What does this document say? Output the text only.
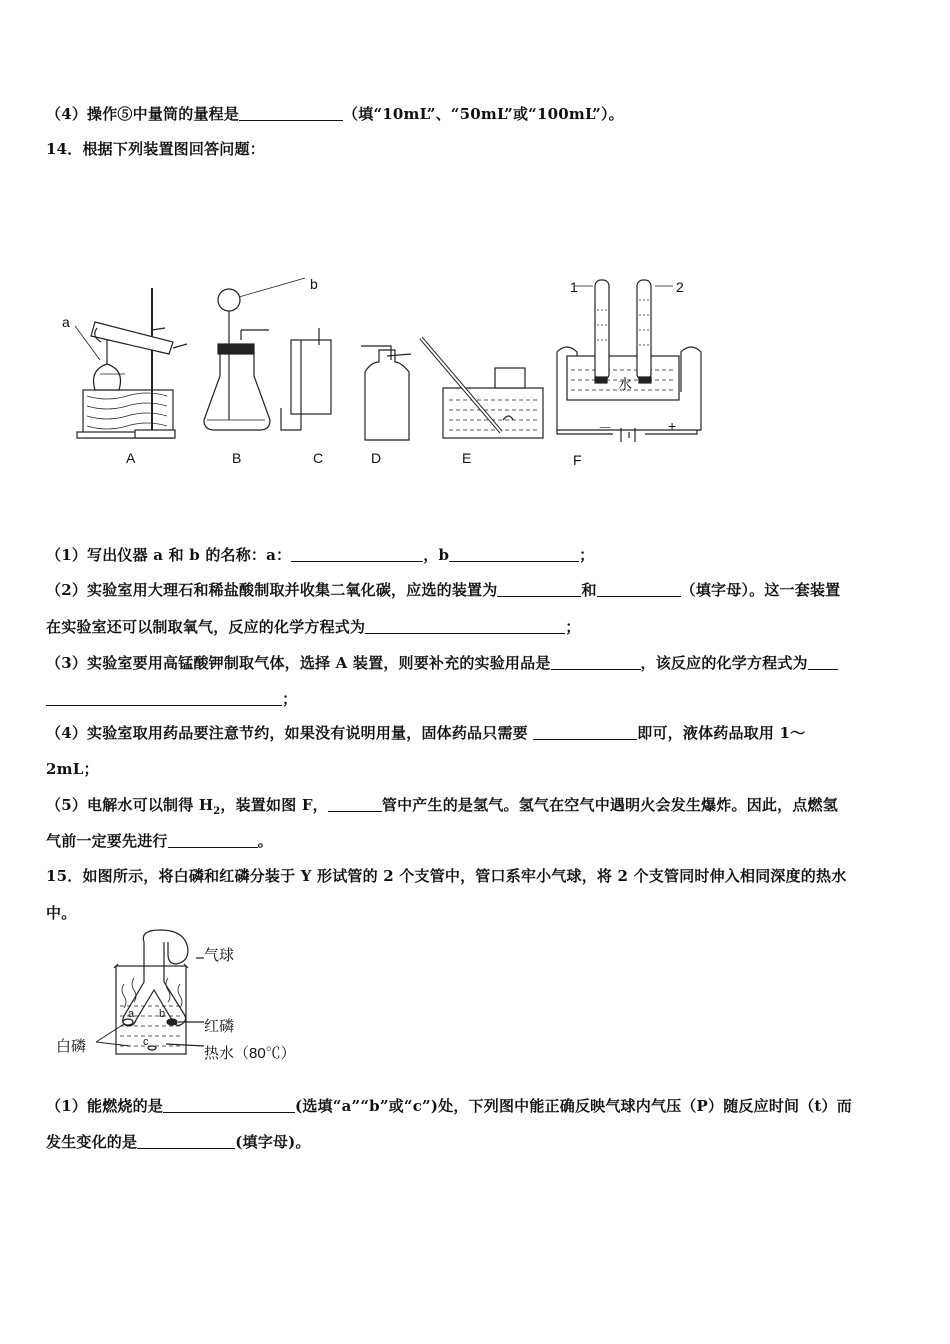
（4）操作⑤中量筒的量程是	（填“10mL”、“50mL”或“100mL”）。
14．根据下列装置图回答问题：
a
b	1	2
水
－	+
A	B	C	D	E	F
（1）写出仪器 a 和 b 的名称：a：	，b	；
（2）实验室用大理石和稀盐酸制取并收集二氧化碳，应选的装置为	和	（填字母）。这一套装置
在实验室还可以制取氧气，反应的化学方程式为	；
（3）实验室要用高锰酸钾制取气体，选择 A 装置，则要补充的实验用品是	，该反应的化学方程式为
；
（4）实验室取用药品要注意节约，如果没有说明用量，固体药品只需要	即可，液体药品取用 1～
2mL；
（5）电解水可以制得 $H_2$，装置如图 F，	管中产生的是氢气。氢气在空气中遇明火会发生爆炸。因此，点燃氢
气前一定要先进行	。
15．如图所示，将白磷和红磷分装于 Y 形试管的 2 个支管中，管口系牢小气球，将 2 个支管同时伸入相同深度的热水
中。
气球
红磷
白磷	热水（80℃）
a b
c
（1）能燃烧的是	(选填“a”“b”或“c”)处，下列图中能正确反映气球内气压（P）随反应时间（t）而
发生变化的是	(填字母)。
